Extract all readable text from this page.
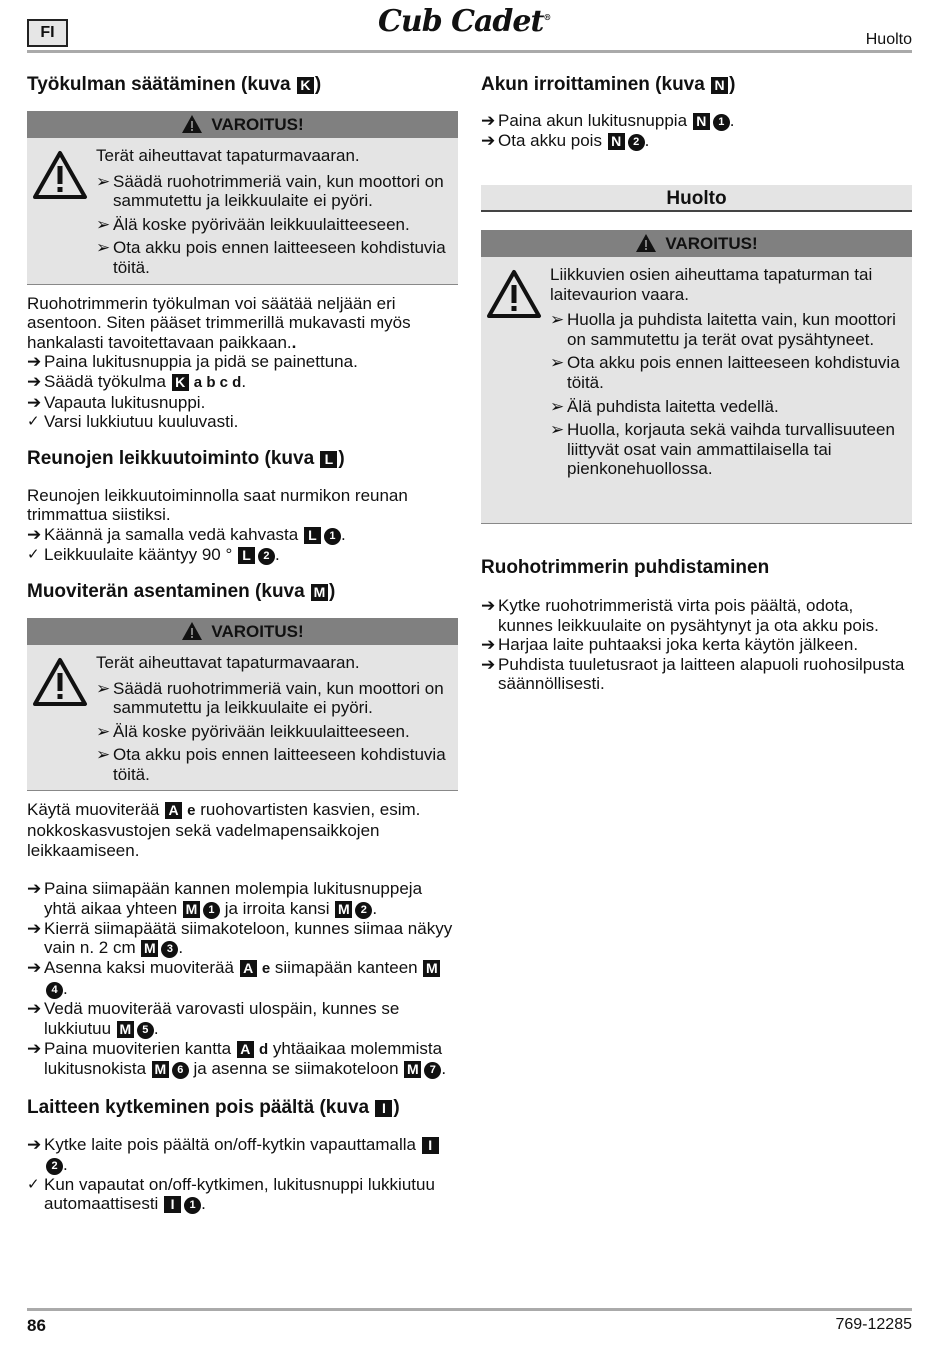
FI	Cub Cadet®
Huolto
Työkulman säätäminen (kuva K )
VAROITUS!

Terät aiheuttavat tapaturmavaaran.

➢ Säädä ruohotrimmeriä vain, kun moottori on sammutettu ja leikkuulaite ei pyöri.
➢ Älä koske pyörivään leikkuulaitteeseen.
➢ Ota akku pois ennen laitteeseen kohdistuvia töitä.

Ruohotrimmerin työkulman voi säätää neljään eri asentoon. Siten pääset trimmerillä mukavasti myös hankalasti tavoitettavaan paikkaan..

➔ Paina lukitusnuppia ja pidä se painettuna.
➔ Säädä työkulma K a b c d.
➔ Vapauta lukitusnuppi.
✓ Varsi lukkiutuu kuuluvasti.
Reunojen leikkuutoiminto (kuva L )

Reunojen leikkuutoiminnolla saat nurmikon reunan trimmattua siistiksi.

➔ Käännä ja samalla vedä kahvasta L 1 .
✓ Leikkuulaite kääntyy 90 ° L 2 .
Muoviterän asentaminen (kuva M )
VAROITUS!

Terät aiheuttavat tapaturmavaaran.

➢ Säädä ruohotrimmeriä vain, kun moottori on sammutettu ja leikkuulaite ei pyöri.
➢ Älä koske pyörivään leikkuulaitteeseen.
➢ Ota akku pois ennen laitteeseen kohdistuvia töitä.

Käytä muoviterää A e ruohovartisten kasvien, esim. nokkoskasvustojen sekä vadelmapensaikkojen leikkaamiseen.

➔ Paina siimapään kannen molempia lukitusnuppeja yhtä aikaa yhteen M 1 ja irroita kansi M 2 .
➔ Kierrä siimapäätä siimakoteloon, kunnes siimaa näkyy vain n. 2 cm M 3 .
➔ Asenna kaksi muoviterää A e siimapään kanteen M4 .
➔ Vedä muoviterää varovasti ulospäin, kunnes se lukkiutuu M 5 .
➔ Paina muoviterien kantta A d yhtäaikaa molemmista lukitusnokista M 6 ja asenna se siimakoteloon M 7 .
Laitteen kytkeminen pois päältä (kuva I )
➔ Kytke laite pois päältä on/off-kytkin vapauttamalla I2 .
✓ Kun vapautat on/off-kytkimen, lukitusnuppi lukkiutuu automaattisesti I 1 .
Akun irroittaminen (kuva N )
➔ Paina akun lukitusnuppia N 1 .
➔ Ota akku pois N 2 .
Huolto
VAROITUS!

Liikkuvien osien aiheuttama tapaturman tai laitevaurion vaara.

➢ Huolla ja puhdista laitetta vain, kun moottori on sammutettu ja terät ovat pysähtyneet.
➢ Ota akku pois ennen laitteeseen kohdistuvia töitä.
➢ Älä puhdista laitetta vedellä.
➢ Huolla, korjauta sekä vaihda turvallisuuteen liittyvät osat vain ammattilaisella tai pienkonehuollossa.
Ruohotrimmerin puhdistaminen
➔ Kytke ruohotrimmeristä virta pois päältä, odota, kunnes leikkuulaite on pysähtynyt ja ota akku pois.
➔ Harjaa laite puhtaaksi joka kerta käytön jälkeen.
➔ Puhdista tuuletusraot ja laitteen alapuoli ruohosilpusta säännöllisesti.
86	769-12285
